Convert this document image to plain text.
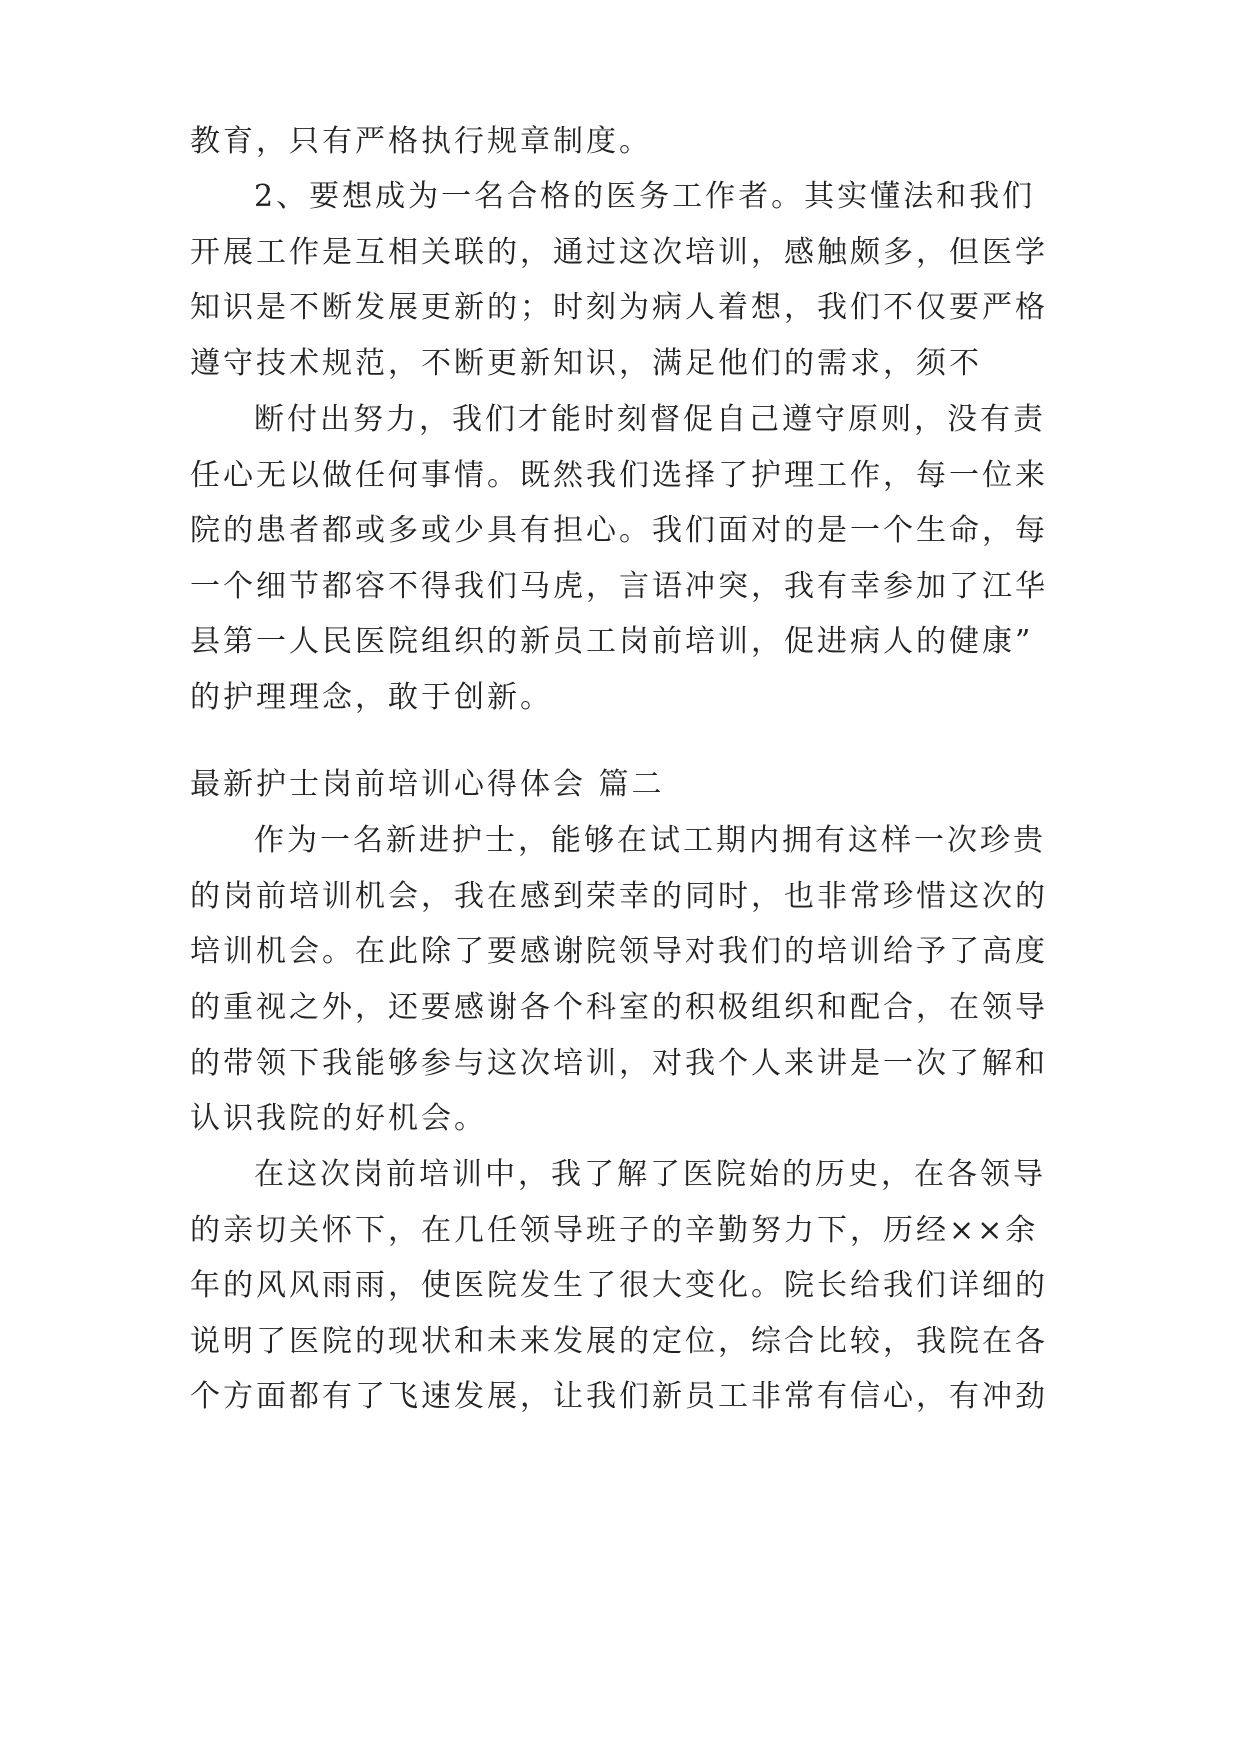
教育，只有严格执行规章制度。
2、要想成为一名合格的医务工作者。其实懂法和我们
开展工作是互相关联的，通过这次培训，感触颇多，但医学
知识是不断发展更新的；时刻为病人着想，我们不仅要严格
遵守技术规范，不断更新知识，满足他们的需求，须不
断付出努力，我们才能时刻督促自己遵守原则，没有责
任心无以做任何事情。既然我们选择了护理工作，每一位来
院的患者都或多或少具有担心。我们面对的是一个生命，每
一个细节都容不得我们马虎，言语冲突，我有幸参加了江华
县第一人民医院组织的新员工岗前培训，促进病人的健康”
的护理理念，敢于创新。
最新护士岗前培训心得体会 篇二
作为一名新进护士，能够在试工期内拥有这样一次珍贵
的岗前培训机会，我在感到荣幸的同时，也非常珍惜这次的
培训机会。在此除了要感谢院领导对我们的培训给予了高度
的重视之外，还要感谢各个科室的积极组织和配合，在领导
的带领下我能够参与这次培训，对我个人来讲是一次了解和
认识我院的好机会。
在这次岗前培训中，我了解了医院始的历史，在各领导
的亲切关怀下，在几任领导班子的辛勤努力下，历经××余
年的风风雨雨，使医院发生了很大变化。院长给我们详细的
说明了医院的现状和未来发展的定位，综合比较，我院在各
个方面都有了飞速发展，让我们新员工非常有信心，有冲劲
